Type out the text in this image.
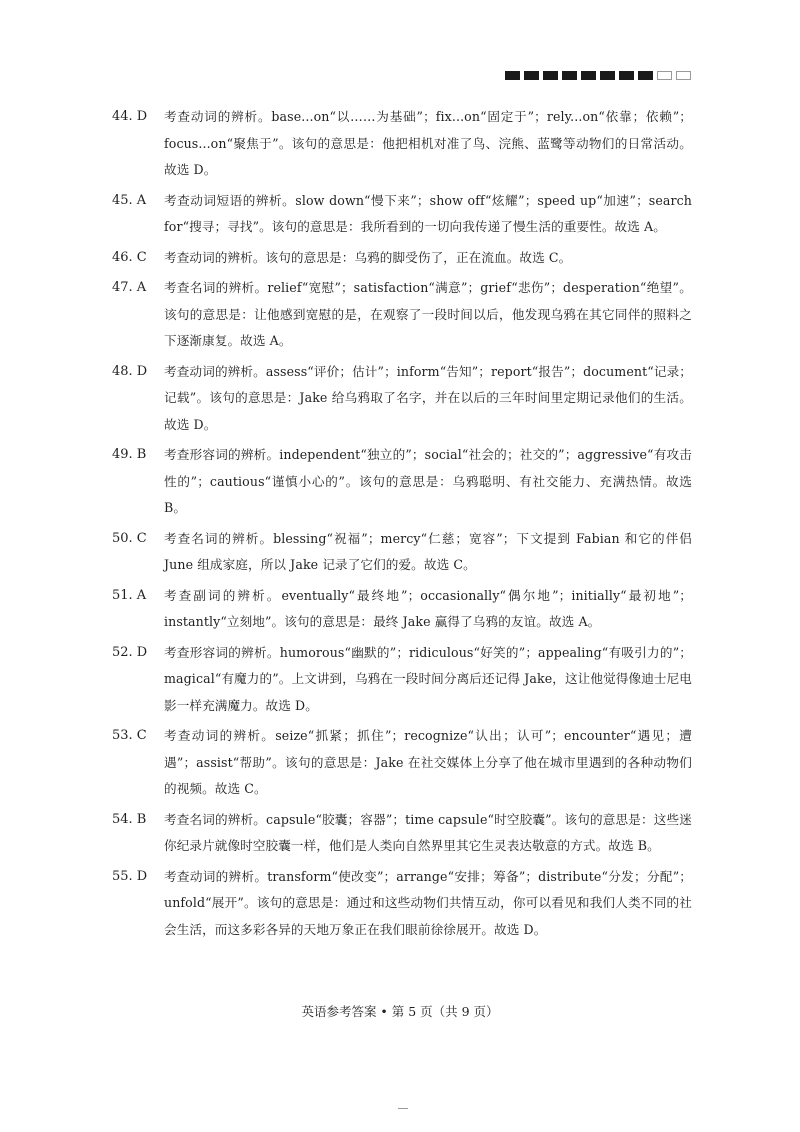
44. D	考查动词的辨析。base...on“以……为基础”；fix...on“固定于”；rely...on“依靠；依赖”； focus...on“聚焦于”。该句的意思是：他把相机对准了鸟、浣熊、蓝鹭等动物们的日常活动。故选 D。
45. A	考查动词短语的辨析。slow down“慢下来”；show off“炫耀”；speed up“加速”；search for“搜寻；寻找”。该句的意思是：我所看到的一切向我传递了慢生活的重要性。故选 A。
46. C	考查动词的辨析。该句的意思是：乌鸦的脚受伤了，正在流血。故选 C。
47. A	考查名词的辨析。relief“宽慰”；satisfaction“满意”；grief“悲伤”；desperation“绝望”。该句的意思是：让他感到宽慰的是，在观察了一段时间以后，他发现乌鸦在其它同伴的照料之下逐渐康复。故选 A。
48. D	考查动词的辨析。assess“评价；估计”；inform“告知”；report“报告”；document“记录；记载”。该句的意思是：Jake 给乌鸦取了名字，并在以后的三年时间里定期记录他们的生活。故选 D。
49. B	考查形容词的辨析。independent“独立的”；social“社会的；社交的”；aggressive“有攻击性的”；cautious“谨慎小心的”。该句的意思是：乌鸦聪明、有社交能力、充满热情。故选 B。
50. C	考查名词的辨析。blessing“祝福”；mercy“仁慈；宽容”；下文提到 Fabian 和它的伴侣 June 组成家庭，所以 Jake 记录了它们的爱。故选 C。
51. A	考查副词的辨析。eventually“最终地”；occasionally“偶尔地”；initially“最初地”；instantly“立刻地”。该句的意思是：最终 Jake 赢得了乌鸦的友谊。故选 A。
52. D	考查形容词的辨析。humorous“幽默的”；ridiculous“好笑的”；appealing“有吸引力的”；magical“有魔力的”。上文讲到，乌鸦在一段时间分离后还记得 Jake，这让他觉得像迪士尼电影一样充满魔力。故选 D。
53. C	考查动词的辨析。seize“抓紧；抓住”；recognize“认出；认可”；encounter“遇见；遭遇”；assist“帮助”。该句的意思是：Jake 在社交媒体上分享了他在城市里遇到的各种动物们的视频。故选 C。
54. B	考查名词的辨析。capsule“胶囊；容器”；time capsule“时空胶囊”。该句的意思是：这些迷你纪录片就像时空胶囊一样，他们是人类向自然界里其它生灵表达敬意的方式。故选 B。
55. D	考查动词的辨析。transform“使改变”；arrange“安排；筹备”；distribute“分发；分配”；unfold“展开”。该句的意思是：通过和这些动物们共情互动，你可以看见和我们人类不同的社会生活，而这多彩各异的天地万象正在我们眼前徐徐展开。故选 D。
英语参考答案 • 第 5 页（共 9 页）
